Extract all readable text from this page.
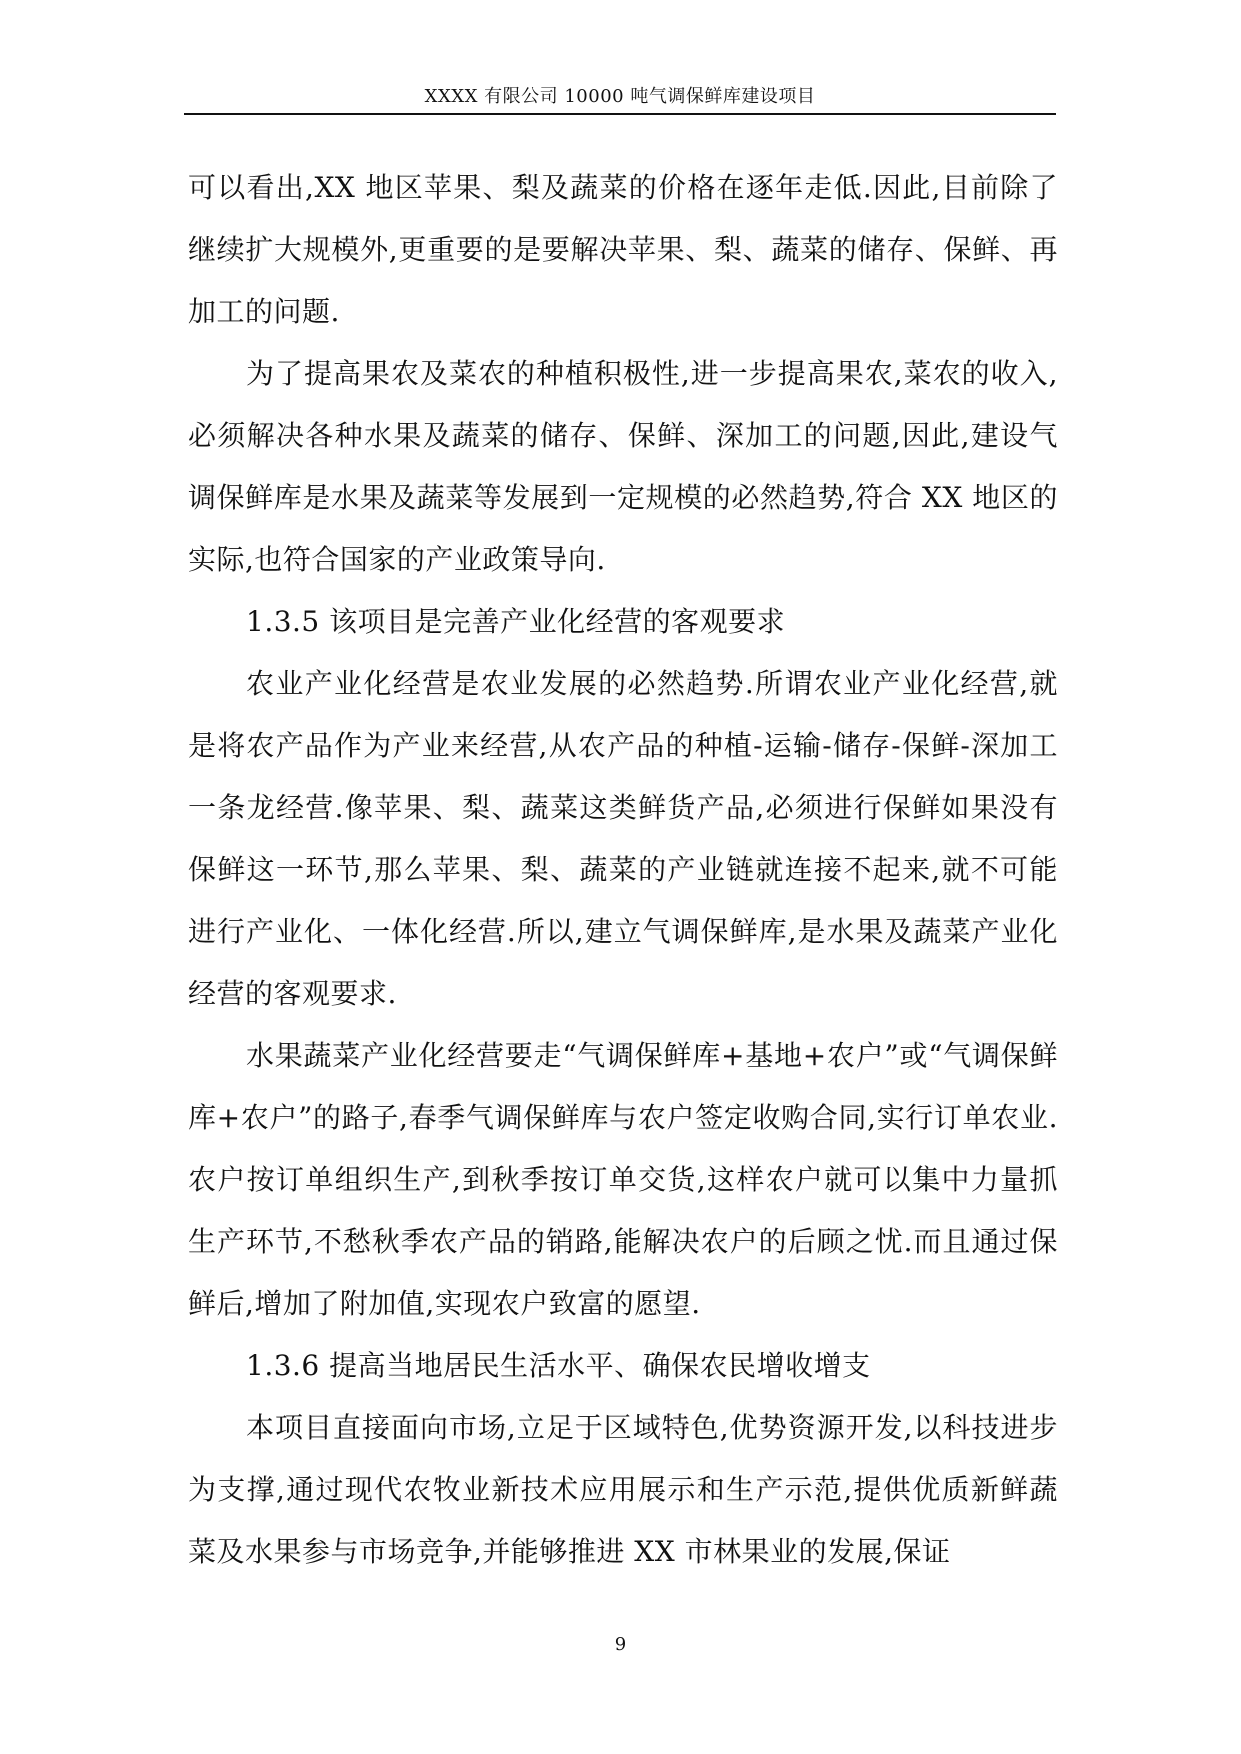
XXXX 有限公司 10000 吨气调保鲜库建设项目

可以看出,XX 地区苹果、梨及蔬菜的价格在逐年走低.因此,目前除了继续扩大规模外,更重要的是要解决苹果、梨、蔬菜的储存、保鲜、再加工的问题.

为了提高果农及菜农的种植积极性,进一步提高果农,菜农的收入,必须解决各种水果及蔬菜的储存、保鲜、深加工的问题,因此,建设气调保鲜库是水果及蔬菜等发展到一定规模的必然趋势,符合 XX 地区的实际,也符合国家的产业政策导向.

1.3.5 该项目是完善产业化经营的客观要求

农业产业化经营是农业发展的必然趋势.所谓农业产业化经营,就是将农产品作为产业来经营,从农产品的种植-运输-储存-保鲜-深加工一条龙经营.像苹果、梨、蔬菜这类鲜货产品,必须进行保鲜如果没有保鲜这一环节,那么苹果、梨、蔬菜的产业链就连接不起来,就不可能进行产业化、一体化经营.所以,建立气调保鲜库,是水果及蔬菜产业化经营的客观要求.

水果蔬菜产业化经营要走“气调保鲜库+基地+农户”或“气调保鲜库+农户”的路子,春季气调保鲜库与农户签定收购合同,实行订单农业.农户按订单组织生产,到秋季按订单交货,这样农户就可以集中力量抓生产环节,不愁秋季农产品的销路,能解决农户的后顾之忧.而且通过保鲜后,增加了附加值,实现农户致富的愿望.

1.3.6 提高当地居民生活水平、确保农民增收增支

本项目直接面向市场,立足于区域特色,优势资源开发,以科技进步为支撑,通过现代农牧业新技术应用展示和生产示范,提供优质新鲜蔬菜及水果参与市场竞争,并能够推进 XX 市林果业的发展,保证

9
